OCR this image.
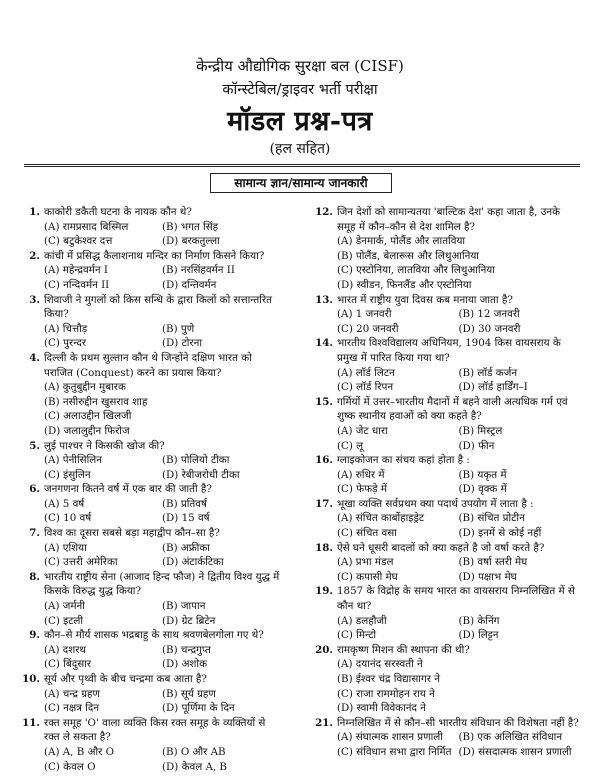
केन्द्रीय औद्योगिक सुरक्षा बल (CISF)
कॉन्स्टेबिल/ड्राइवर भर्ती परीक्षा
मॉडल प्रश्न-पत्र
(हल सहित)
सामान्य ज्ञान/सामान्य जानकारी
1. काकोरी डकैती घटना के नायक कौन थे?
(A) रामप्रसाद बिस्मिल	(B) भगत सिंह
(C) बटुकेश्वर दत्त	(D) बरकतुल्ला
2. कांची में प्रसिद्ध कैलाशनाथ मन्दिर का निर्माण किसने किया?
(A) महेन्द्रवर्मन I	(B) नरसिंहवर्मन II
(C) नन्दिवर्मन II	(D) दन्तिवर्मन
3. शिवाजी ने मुगलों को किस सन्धि के द्वारा किलों को सत्तान्तरित किया?
(A) चित्तौड़	(B) पुणे
(C) पुरन्दर	(D) टोरना
4. दिल्ली के प्रथम सुल्तान कौन थे जिन्होंने दक्षिण भारत को पराजित (Conquest) करने का प्रयास किया?
(A) कुतुबुद्दीन मुबारक
(B) नसीरुद्दीन खुसराव शाह
(C) अलाउद्दीन खिलजी
(D) जलालुद्दीन फिरोज
5. लुई पाश्चर ने किसकी खोज की?
(A) पेनीसिलिन	(B) पोलियो टीका
(C) इंसुलिन	(D) रेबीजरोधी टीका
6. जनगणना कितने वर्ष में एक बार की जाती है?
(A) 5 वर्ष	(B) प्रतिवर्ष
(C) 10 वर्ष	(D) 15 वर्ष
7. विश्व का दूसरा सबसे बड़ा महाद्वीप कौन–सा है?
(A) एशिया	(B) अफ्रीका
(C) उत्तरी अमेरिका	(D) अंटार्कटिका
8. भारतीय राष्ट्रीय सेना (आजाद हिन्द फौज) ने द्वितीय विश्व युद्ध में किसके विरुद्ध युद्ध किया?
(A) जर्मनी	(B) जापान
(C) इटली	(D) ग्रेट ब्रिटेन
9. कौन–से मौर्य शासक भद्रबाहु के साथ श्रवणबेलगोला गए थे?
(A) दशरथ	(B) चन्द्रगुप्त
(C) बिंदुसार	(D) अशोक
10. सूर्य और पृथ्वी के बीच चन्द्रमा कब आता है?
(A) चन्द्र ग्रहण	(B) सूर्य ग्रहण
(C) नक्षत्र दिन	(D) पूर्णिमा के दिन
11. रक्त समूह 'O' वाला व्यक्ति किस रक्त समूह के व्यक्तियों से रक्त ले सकता है?
(A) A, B और O	(B) O और AB
(C) केवल O	(D) केवल A, B
12. जिन देशों को सामान्यतया 'बाल्टिक देश' कहा जाता है, उनके समूह में कौन–कौन से देश शामिल है?
(A) डेनमार्क, पोलैंड और लातविया
(B) पोलैंड, बेलारूस और लिथुआनिया
(C) एस्टोनिया, लातविया और लिथुआनिया
(D) स्वीडन, फिनलैंड और एस्टोनिया
13. भारत में राष्ट्रीय युवा दिवस कब मनाया जाता है?
(A) 1 जनवरी	(B) 12 जनवरी
(C) 20 जनवरी	(D) 30 जनवरी
14. भारतीय विश्वविद्यालय अधिनियम, 1904 किस वायसराय के प्रमुख में पारित किया गया था?
(A) लॉर्ड लिटन	(B) लॉर्ड कर्जन
(C) लॉर्ड रिपन	(D) लॉर्ड हार्डिंग–I
15. गर्मियों में उत्तर–भारतीय मैदानों में बहने वाली अत्यधिक गर्म एवं शुष्क स्थानीय हवाओं को क्या कहते है?
(A) जेट धारा	(B) मिस्ट्रल
(C) लू	(D) फीन
16. ग्लाइकोजन का संचय कहां होता है :
(A) रुधिर में	(B) यकृत में
(C) फेफड़े में	(D) वृक्क में
17. भूखा व्यक्ति सर्वप्रथम क्या पदार्थ उपयोग में लाता है :
(A) संचित कार्बोहाइड्रेट	(B) संचित प्रोटीन
(C) संचित वसा	(D) इनमें से कोई नहीं
18. ऐसे घने धूसरी बादलों को क्या कहते है जो वर्षा करते है?
(A) प्रभा मंडल	(B) वर्षा स्तरी मेघ
(C) कपासी मेघ	(D) पक्षाभ मेघ
19. 1857 के विद्रोह के समय भारत का वायसराय निम्नलिखित में से कौन था?
(A) डलहौजी	(B) केनिंग
(C) मिन्टो	(D) लिट्टन
20. रामकृष्ण मिशन की स्थापना की थी?
(A) दयानंद सरस्वती ने
(B) ईश्वर चंद्र विद्यासागर ने
(C) राजा राममोहन राय ने
(D) स्वामी विवेकानंद ने
21. निम्नलिखित में से कौन–सी भारतीय संविधान की विशेषता नहीं है?
(A) संघात्मक शासन प्रणाली	(B) एक अलिखित संविधान
(C) संविधान सभा द्वारा निर्मित (D) संसदात्मक शासन प्रणाली
